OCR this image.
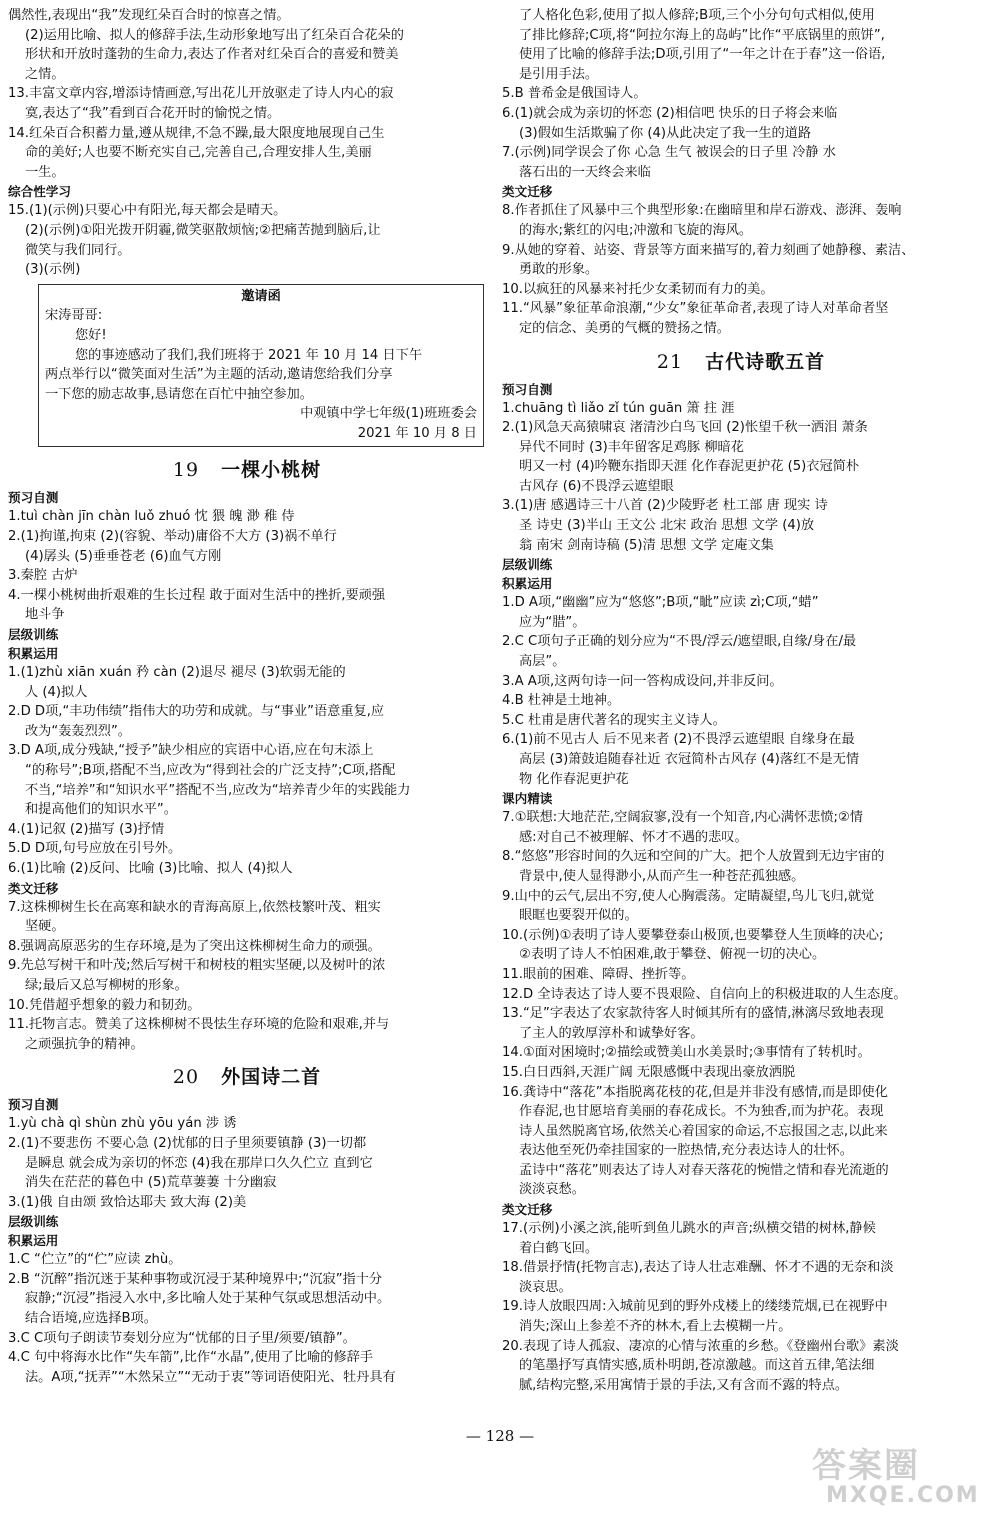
偶然性,表现出“我”发现红朵百合时的惊喜之情。

(2)运用比喻、拟人的修辞手法,生动形象地写出了红朵百合花朵的

形状和开放时蓬勃的生命力,表达了作者对红朵百合的喜爱和赞美

之情。

13.丰富文章内容,增添诗情画意,写出花儿开放驱走了诗人内心的寂

寞,表达了“我”看到百合花开时的愉悦之情。

14.红朵百合积蓄力量,遵从规律,不急不躁,最大限度地展现自己生

命的美好;人也要不断充实自己,完善自己,合理安排人生,美丽

一生。

综合性学习

15.(1)(示例)只要心中有阳光,每天都会是晴天。

(2)(示例)①阳光拨开阴霾,微笑驱散烦恼;②把痛苦抛到脑后,让

微笑与我们同行。

(3)(示例)

邀请函
宋涛哥哥:
您好!
您的事迹感动了我们,我们班将于 2021 年 10 月 14 日下午
两点举行以“微笑面对生活”为主题的活动,邀请您给我们分享
一下您的励志故事,恳请您在百忙中抽空参加。
中观镇中学七年级(1)班班委会
2021 年 10 月 8 日
19 一棵小桃树

预习自测

1.tuì chàn jīn chàn luǒ zhuó 忱 猥 魄 渺 稚 侍

2.(1)拘谨,拘束 (2)(容貌、举动)庸俗不大方 (3)祸不单行

(4)孱头 (5)垂垂苍老 (6)血气方刚

3.秦腔 古炉

4.一棵小桃树曲折艰难的生长过程 敢于面对生活中的挫折,要顽强

地斗争

层级训练

积累运用

1.(1)zhù xiān xuán 矜 càn (2)退尽 褪尽 (3)软弱无能的

人 (4)拟人

2.D D项,“丰功伟绩”指伟大的功劳和成就。与“事业”语意重复,应

改为“轰轰烈烈”。

3.D A项,成分残缺,“授予”缺少相应的宾语中心语,应在句末添上

“的称号”;B项,搭配不当,应改为“得到社会的广泛支持”;C项,搭配

不当,“培养”和“知识水平”搭配不当,应改为“培养青少年的实践能力

和提高他们的知识水平”。

4.(1)记叙 (2)描写 (3)抒情

5.D D项,句号应放在引号外。

6.(1)比喻 (2)反问、比喻 (3)比喻、拟人 (4)拟人

类文迁移

7.这株柳树生长在高寒和缺水的青海高原上,依然枝繁叶茂、粗实

坚硬。

8.强调高原恶劣的生存环境,是为了突出这株柳树生命力的顽强。

9.先总写树干和叶茂;然后写树干和树枝的粗实坚硬,以及树叶的浓

绿;最后又总写柳树的形象。

10.凭借超乎想象的毅力和韧劲。

11.托物言志。赞美了这株柳树不畏怯生存环境的危险和艰难,并与

之顽强抗争的精神。

20 外国诗二首

预习自测

1.yù chà qì shùn zhù yōu yán 涉 诱

2.(1)不要悲伤 不要心急 (2)忧郁的日子里须要镇静 (3)一切都

是瞬息 就会成为亲切的怀恋 (4)我在那岸口久久伫立 直到它

消失在茫茫的暮色中 (5)荒草萋萋 十分幽寂

3.(1)俄 自由颂 致恰达耶夫 致大海 (2)美

层级训练

积累运用

1.C “伫立”的“伫”应读 zhù。

2.B “沉醉”指沉迷于某种事物或沉浸于某种境界中;“沉寂”指十分

寂静;“沉浸”指浸入水中,多比喻人处于某种气氛或思想活动中。

结合语境,应选择B项。

3.C C项句子朗读节奏划分应为“忧郁的日子里/须要/镇静”。

4.C 句中将海水比作“失车箭”,比作“水晶”,使用了比喻的修辞手

法。A项,“抚弄”“木然呆立”“无动于衷”等词语使阳光、牡丹具有

了人格化色彩,使用了拟人修辞;B项,三个小分句句式相似,使用

了排比修辞;C项,将“阿拉尔海上的岛屿”比作“平底锅里的煎饼”,

使用了比喻的修辞手法;D项,引用了“一年之计在于春”这一俗语,

是引用手法。

5.B 普希金是俄国诗人。

6.(1)就会成为亲切的怀恋 (2)相信吧 快乐的日子将会来临

(3)假如生活欺骗了你 (4)从此决定了我一生的道路

7.(示例)同学误会了你 心急 生气 被误会的日子里 冷静 水

落石出的一天终会来临

类文迁移

8.作者抓住了风暴中三个典型形象:在幽暗里和岸石游戏、澎湃、轰响

的海水;紫红的闪电;冲激和飞旋的海风。

9.从她的穿着、站姿、背景等方面来描写的,着力刻画了她静穆、素洁、

勇敢的形象。

10.以疯狂的风暴来衬托少女柔韧而有力的美。

11.“风暴”象征革命浪潮,“少女”象征革命者,表现了诗人对革命者坚

定的信念、美勇的气概的赞扬之情。

21 古代诗歌五首

预习自测

1.chuāng tì liǎo zǐ tún guān 箫 拄 涯

2.(1)风急天高猿啸哀 渚清沙白鸟飞回 (2)怅望千秋一洒泪 萧条

异代不同时 (3)丰年留客足鸡豚 柳暗花

明又一村 (4)吟鞭东指即天涯 化作春泥更护花 (5)衣冠简朴

古风存 (6)不畏浮云遮望眼

3.(1)唐 感遇诗三十八首 (2)少陵野老 杜工部 唐 现实 诗

圣 诗史 (3)半山 王文公 北宋 政治 思想 文学 (4)放

翁 南宋 剑南诗稿 (5)清 思想 文学 定庵文集

层级训练

积累运用

1.D A项,“幽幽”应为“悠悠”;B项,“眦”应读 zì;C项,“蜡”

应为“腊”。

2.C C项句子正确的划分应为“不畏/浮云/遮望眼,自缘/身在/最

高层”。

3.A A项,这两句诗一问一答构成设问,并非反问。

4.B 杜神是土地神。

5.C 杜甫是唐代著名的现实主义诗人。

6.(1)前不见古人 后不见来者 (2)不畏浮云遮望眼 自缘身在最

高层 (3)箫鼓追随春社近 衣冠简朴古风存 (4)落红不是无情

物 化作春泥更护花

课内精读

7.①联想:大地茫茫,空阔寂寥,没有一个知音,内心满怀悲愤;②情

感:对自己不被理解、怀才不遇的悲叹。

8.“悠悠”形容时间的久远和空间的广大。把个人放置到无边宇宙的

背景中,使人显得渺小,从而产生一种苍茫孤独感。

9.山中的云气,层出不穷,使人心胸震荡。定睛凝望,鸟儿飞归,就觉

眼眶也要裂开似的。

10.(示例)①表明了诗人要攀登泰山极顶,也要攀登人生顶峰的决心;

②表明了诗人不怕困难,敢于攀登、俯视一切的决心。

11.眼前的困难、障碍、挫折等。

12.D 全诗表达了诗人要不畏艰险、自信向上的积极进取的人生态度。

13.“足”字表达了农家款待客人时倾其所有的盛情,淋漓尽致地表现

了主人的敦厚淳朴和诚挚好客。

14.①面对困境时;②描绘或赞美山水美景时;③事情有了转机时。

15.白日西斜,天涯广阔 无限感慨中表现出豪放洒脱

16.龚诗中“落花”本指脱离花枝的花,但是并非没有感情,而是即使化

作春泥,也甘愿培育美丽的春花成长。不为独香,而为护花。表现

诗人虽然脱离官场,依然关心着国家的命运,不忘报国之志,以此来

表达他至死仍牵挂国家的一腔热情,充分表达诗人的壮怀。

孟诗中“落花”则表达了诗人对春天落花的惋惜之情和春光流逝的

淡淡哀愁。

类文迁移

17.(示例)小溪之滨,能听到鱼儿跳水的声音;纵横交错的树林,静候

着白鹤飞回。

18.借景抒情(托物言志),表达了诗人壮志难酬、怀才不遇的无奈和淡

淡哀思。

19.诗人放眼四周:入城前见到的野外戍楼上的缕缕荒烟,已在视野中

消失;深山上参差不齐的林木,看上去模糊一片。

20.表现了诗人孤寂、凄凉的心情与浓重的乡愁。《登幽州台歌》素淡

的笔墨抒写真情实感,质朴明朗,苍凉激越。而这首五律,笔法细

腻,结构完整,采用寓情于景的手法,又有含而不露的特点。

— 128 —
答案圈
MXQE.COM
